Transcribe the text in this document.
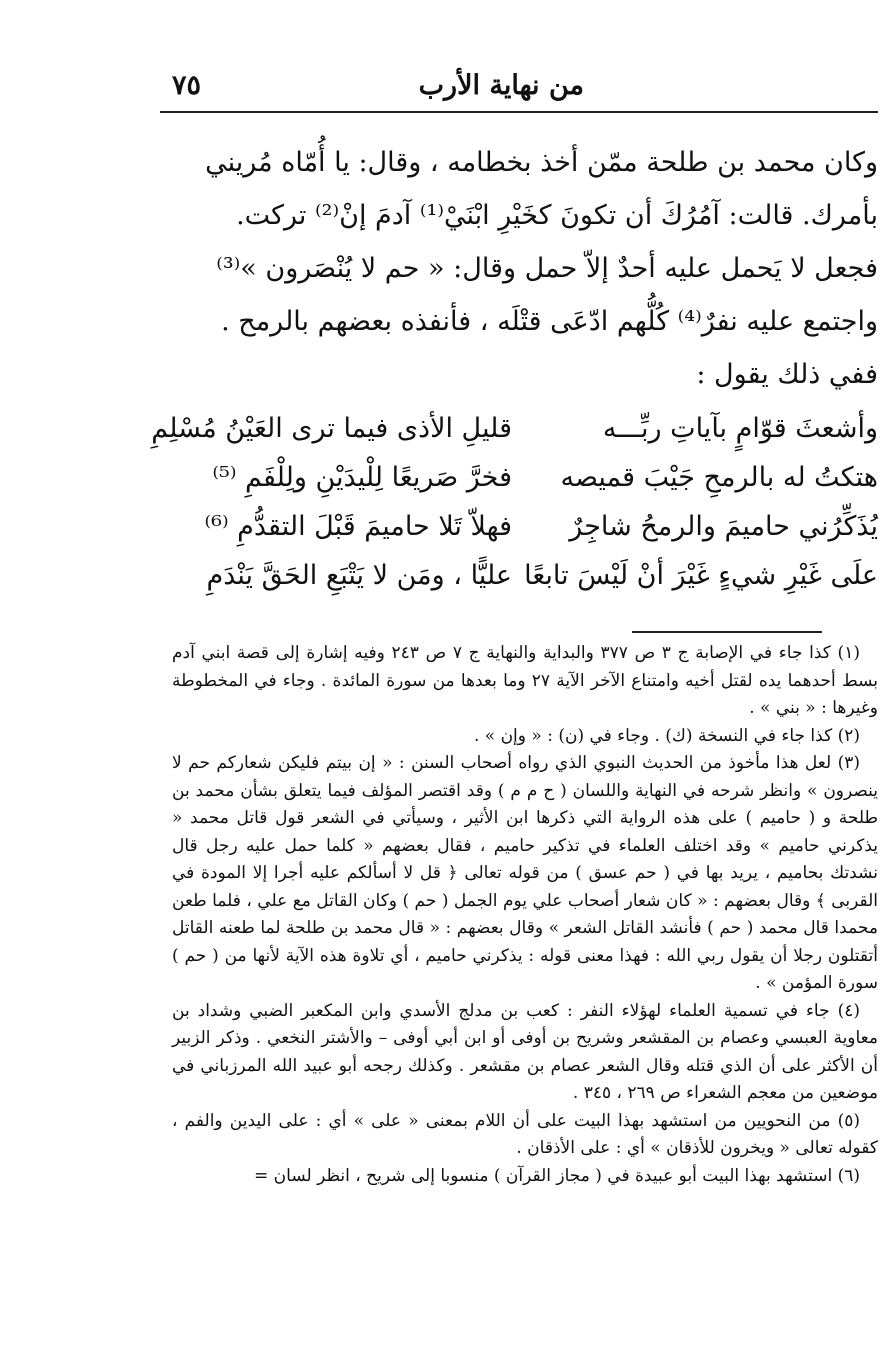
من نهاية الأرب
٧٥

وكان محمد بن طلحة ممّن أخذ بخطامه ، وقال: يا أُمّاه مُريني

بأمرك. قالت: آمُرُكَ أن تكونَ كخَيْرِ ابْنَيْ⁽¹⁾ آدمَ إنْ⁽²⁾ تركت.

فجعل لا يَحمل عليه أحدٌ إلاّ حمل وقال: « حم لا يُنْصَرون »⁽³⁾

واجتمع عليه نفرٌ⁽⁴⁾ كُلُّهم ادّعَى قتْلَه ، فأنفذه بعضهم بالرمح .

ففي ذلك يقول :

وأشعثَ قوّامٍ بآياتِ ربِّـــه
قليلِ الأذى فيما ترى العَيْنُ مُسْلِمِ
هتكتُ له بالرمحِ جَيْبَ قميصه
فخرَّ صَريعًا لِلْيدَيْنِ ولِلْفَمِ ⁽⁵⁾
يُذَكِّرُني حاميمَ والرمحُ شاجِرٌ
فهلاّ تَلا حاميمَ قَبْلَ التقدُّمِ ⁽⁶⁾
علَى غَيْرِ شيءٍ غَيْرَ أنْ لَيْسَ تابعًا
عليًّا ، ومَن لا يَتْبَعِ الحَقَّ يَنْدَمِ

(١) كذا جاء في الإصابة ج ٣ ص ٣٧٧ والبداية والنهاية ج ٧ ص ٢٤٣ وفيه إشارة إلى قصة ابني آدم بسط أحدهما يده لقتل أخيه وامتناع الآخر الآية ٢٧ وما بعدها من سورة المائدة . وجاء في المخطوطة وغيرها : « بني » .

(٢) كذا جاء في النسخة (ك) . وجاء في (ن) : « وإن » .

(٣) لعل هذا مأخوذ من الحديث النبوي الذي رواه أصحاب السنن : « إن بيتم فليكن شعاركم حم لا ينصرون » وانظر شرحه في النهاية واللسان ( ح م م ) وقد اقتصر المؤلف فيما يتعلق بشأن محمد بن طلحة و ( حاميم ) على هذه الرواية التي ذكرها ابن الأثير ، وسيأتي في الشعر قول قاتل محمد « يذكرني حاميم » وقد اختلف العلماء في تذكير حاميم ، فقال بعضهم « كلما حمل عليه رجل قال نشدتك بحاميم ، يريد بها في ( حم عسق ) من قوله تعالى ﴿ قل لا أسألكم عليه أجرا إلا المودة في القربى ﴾ وقال بعضهم : « كان شعار أصحاب علي يوم الجمل ( حم ) وكان القاتل مع علي ، فلما طعن محمدا قال محمد ( حم ) فأنشد القاتل الشعر » وقال بعضهم : « قال محمد بن طلحة لما طعنه القاتل أتقتلون رجلا أن يقول ربي الله : فهذا معنى قوله : يذكرني حاميم ، أي تلاوة هذه الآية لأنها من ( حم ) سورة المؤمن » .

(٤) جاء في تسمية العلماء لهؤلاء النفر : كعب بن مدلج الأسدي وابن المكعبر الضبي وشداد بن معاوية العبسي وعصام بن المقشعر وشريح بن أوفى أو ابن أبي أوفى – والأشتر النخعي . وذكر الزبير أن الأكثر على أن الذي قتله وقال الشعر عصام بن مقشعر . وكذلك رجحه أبو عبيد الله المرزباني في موضعين من معجم الشعراء ص ٢٦٩ ، ٣٤٥ .

(٥) من النحويين من استشهد بهذا البيت على أن اللام بمعنى « على » أي : على اليدين والفم ، كقوله تعالى « ويخرون للأذقان » أي : على الأذقان .

(٦) استشهد بهذا البيت أبو عبيدة في ( مجاز القرآن ) منسوبا إلى شريح ، انظر لسان =
